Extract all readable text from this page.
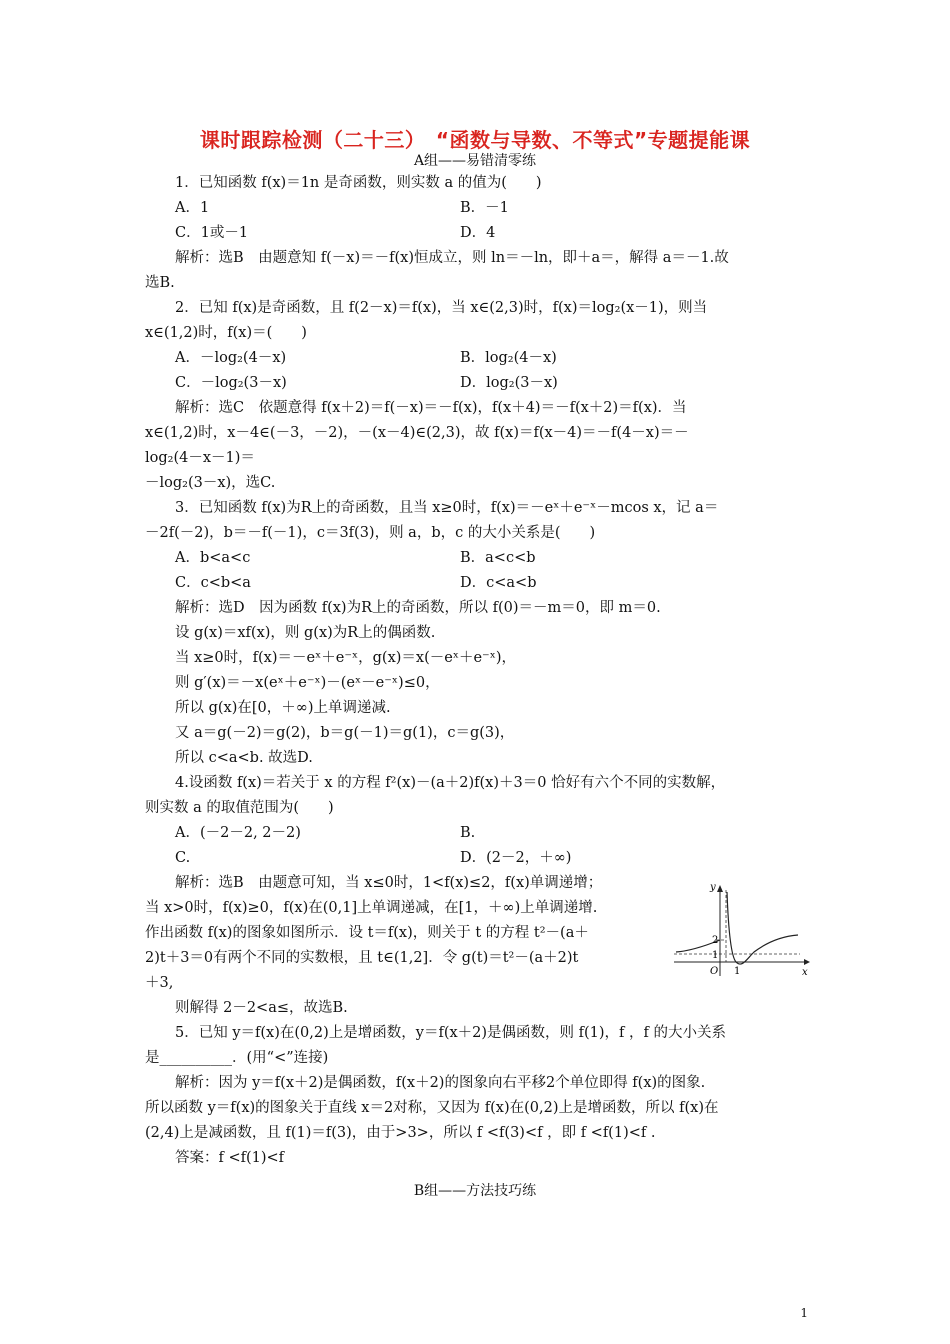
课时跟踪检测（二十三）　“函数与导数、不等式”专题提能课
A组——易错清零练
1．已知函数 f(x)＝1n 是奇函数，则实数 a 的值为(　　)
A．1	B．－1
C．1或－1	D．4
解析：选B　由题意知 f(－x)＝－f(x)恒成立，则 ln＝－ln，即＋a＝，解得 a＝－1.故
选B.
2．已知 f(x)是奇函数，且 f(2－x)＝f(x)，当 x∈(2,3)时，f(x)＝log₂(x－1)，则当
x∈(1,2)时，f(x)＝(　　)
A．－log₂(4－x)	B．log₂(4－x)
C．－log₂(3－x)	D．log₂(3－x)
解析：选C　依题意得 f(x＋2)＝f(－x)＝－f(x)，f(x＋4)＝－f(x＋2)＝f(x)．当
x∈(1,2)时，x－4∈(－3，－2)，－(x－4)∈(2,3)，故 f(x)＝f(x－4)＝－f(4－x)＝－
log₂(4－x－1)＝
－log₂(3－x)，选C.
3．已知函数 f(x)为R上的奇函数，且当 x≥0时，f(x)＝－eˣ＋e⁻ˣ－mcos x，记 a＝
－2f(－2)，b＝－f(－1)，c＝3f(3)，则 a，b，c 的大小关系是(　　)
A．b<a<c	B．a<c<b
C．c<b<a	D．c<a<b
解析：选D　因为函数 f(x)为R上的奇函数，所以 f(0)＝－m＝0，即 m＝0.
设 g(x)＝xf(x)，则 g(x)为R上的偶函数.
当 x≥0时，f(x)＝－eˣ＋e⁻ˣ，g(x)＝x(－eˣ＋e⁻ˣ)，
则 g′(x)＝－x(eˣ＋e⁻ˣ)－(eˣ－e⁻ˣ)≤0，
所以 g(x)在[0，＋∞)上单调递减.
又 a＝g(－2)＝g(2)，b＝g(－1)＝g(1)，c＝g(3)，
所以 c<a<b. 故选D.
4.设函数 f(x)＝若关于 x 的方程 f²(x)－(a＋2)f(x)＋3＝0 恰好有六个不同的实数解，
则实数 a 的取值范围为(　　)
A．(－2－2, 2－2)	B.
C.	D．(2－2，＋∞)
解析：选B　由题意可知，当 x≤0时，1<f(x)≤2，f(x)单调递增；
当 x>0时，f(x)≥0，f(x)在(0,1]上单调递减，在[1，＋∞)上单调递增.
作出函数 f(x)的图象如图所示．设 t＝f(x)，则关于 t 的方程 t²－(a＋
2)t＋3＝0有两个不同的实数根，且 t∈(1,2]．令 g(t)＝t²－(a＋2)t
＋3,
则解得 2－2<a≤，故选B.
5．已知 y＝f(x)在(0,2)上是增函数，y＝f(x＋2)是偶函数，则 f(1)，f ，f 的大小关系
是__________．(用“<”连接)
解析：因为 y＝f(x＋2)是偶函数，f(x＋2)的图象向右平移2个单位即得 f(x)的图象.
所以函数 y＝f(x)的图象关于直线 x＝2对称，又因为 f(x)在(0,2)上是增函数，所以 f(x)在
(2,4)上是减函数，且 f(1)＝f(3)，由于>3>，所以 f <f(3)<f ，即 f <f(1)<f .
答案：f <f(1)<f
B组——方法技巧练
y
x
O
2
1
1
1
